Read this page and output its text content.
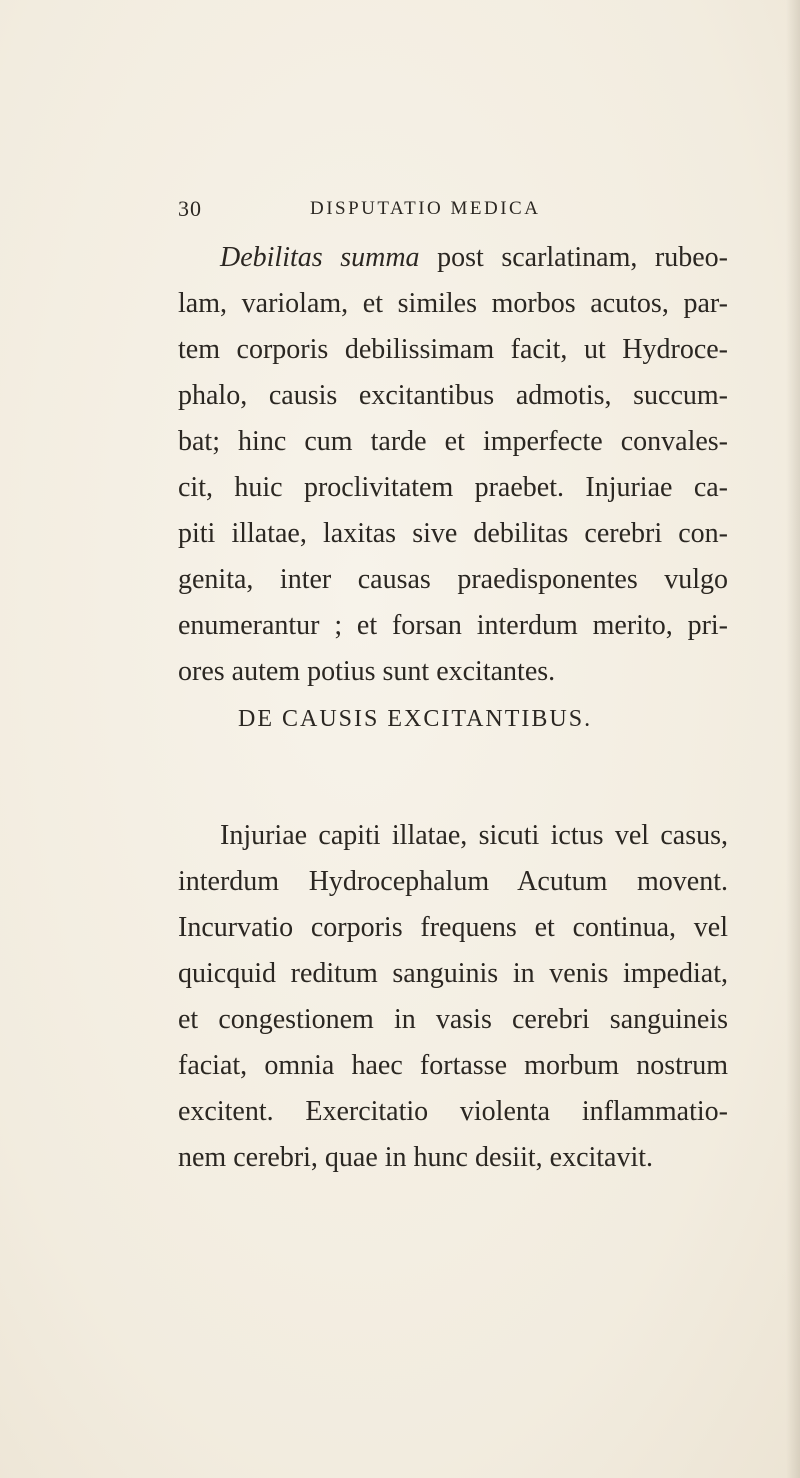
30	DISPUTATIO MEDICA
Debilitas summa post scarlatinam, rubeo-
lam, variolam, et similes morbos acutos, par-
tem corporis debilissimam facit, ut Hydroce-
phalo, causis excitantibus admotis, succum-
bat; hinc cum tarde et imperfecte convales-
cit, huic proclivitatem praebet. Injuriae ca-
piti illatae, laxitas sive debilitas cerebri con-
genita, inter causas praedisponentes vulgo
enumerantur ; et forsan interdum merito, pri-
ores autem potius sunt excitantes.
DE CAUSIS EXCITANTIBUS.
Injuriae capiti illatae, sicuti ictus vel casus,
interdum Hydrocephalum Acutum movent.
Incurvatio corporis frequens et continua, vel
quicquid reditum sanguinis in venis impediat,
et congestionem in vasis cerebri sanguineis
faciat, omnia haec fortasse morbum nostrum
excitent. Exercitatio violenta inflammatio-
nem cerebri, quae in hunc desiit, excitavit.
